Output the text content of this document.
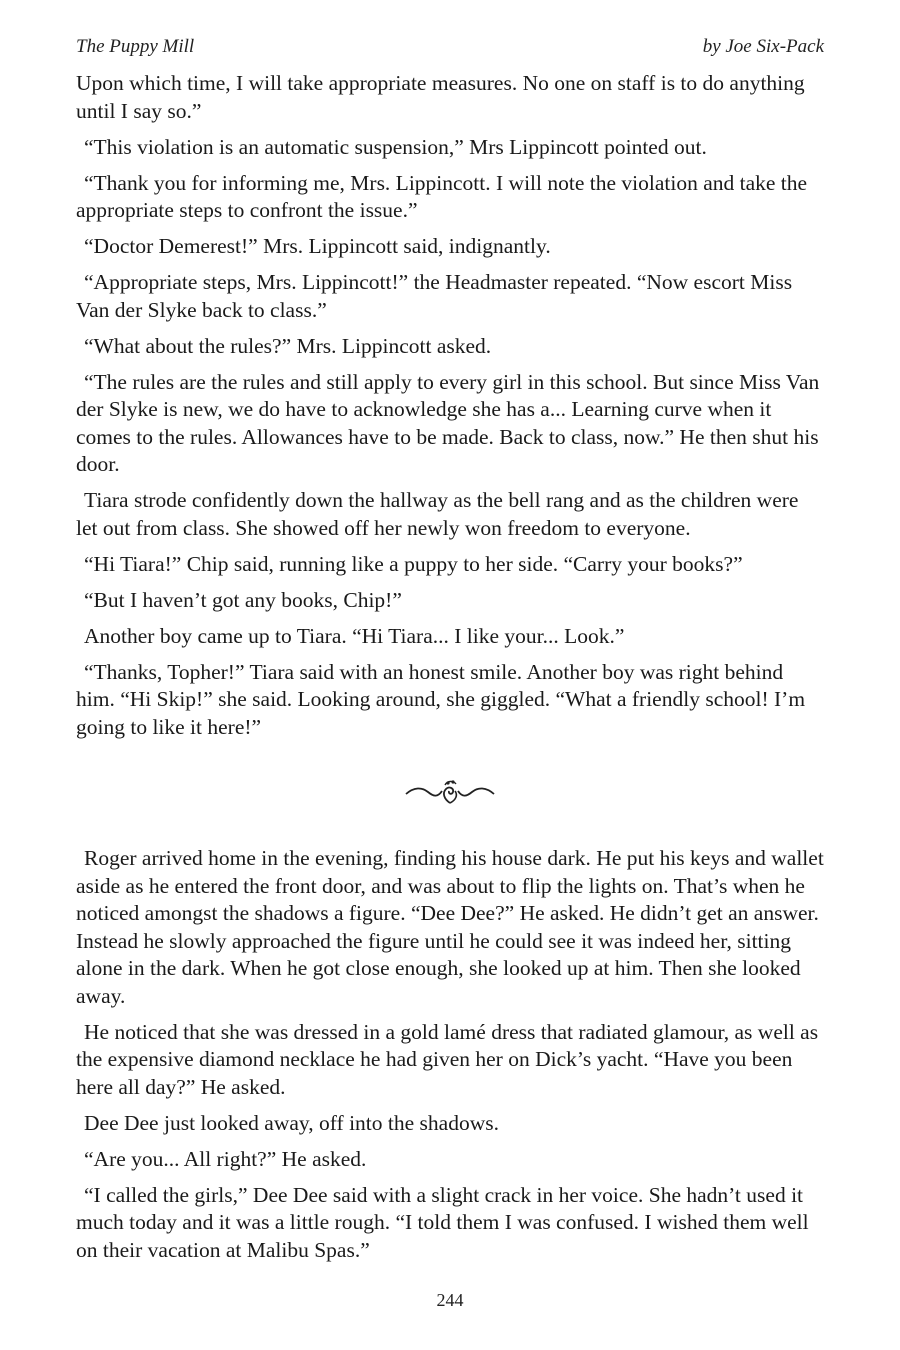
The Puppy Mill	by Joe Six-Pack

Upon which time, I will take appropriate measures. No one on staff is to do anything until I say so.”

“This violation is an automatic suspension,” Mrs Lippincott pointed out.

“Thank you for informing me, Mrs. Lippincott. I will note the violation and take the appropriate steps to confront the issue.”

“Doctor Demerest!” Mrs. Lippincott said, indignantly.

“Appropriate steps, Mrs. Lippincott!” the Headmaster repeated. “Now escort Miss Van der Slyke back to class.”

“What about the rules?” Mrs. Lippincott asked.

“The rules are the rules and still apply to every girl in this school. But since Miss Van der Slyke is new, we do have to acknowledge she has a... Learning curve when it comes to the rules. Allowances have to be made. Back to class, now.” He then shut his door.

Tiara strode confidently down the hallway as the bell rang and as the children were let out from class. She showed off her newly won freedom to everyone.

“Hi Tiara!” Chip said, running like a puppy to her side. “Carry your books?”

“But I haven’t got any books, Chip!”

Another boy came up to Tiara. “Hi Tiara... I like your... Look.”

“Thanks, Topher!” Tiara said with an honest smile. Another boy was right behind him. “Hi Skip!” she said. Looking around, she giggled. “What a friendly school! I’m going to like it here!”

Roger arrived home in the evening, finding his house dark. He put his keys and wallet aside as he entered the front door, and was about to flip the lights on. That’s when he noticed amongst the shadows a figure. “Dee Dee?” He asked. He didn’t get an answer. Instead he slowly approached the figure until he could see it was indeed her, sitting alone in the dark. When he got close enough, she looked up at him. Then she looked away.

He noticed that she was dressed in a gold lamé dress that radiated glamour, as well as the expensive diamond necklace he had given her on Dick’s yacht. “Have you been here all day?” He asked.

Dee Dee just looked away, off into the shadows.

“Are you... All right?” He asked.

“I called the girls,” Dee Dee said with a slight crack in her voice. She hadn’t used it much today and it was a little rough. “I told them I was confused. I wished them well on their vacation at Malibu Spas.”

244
